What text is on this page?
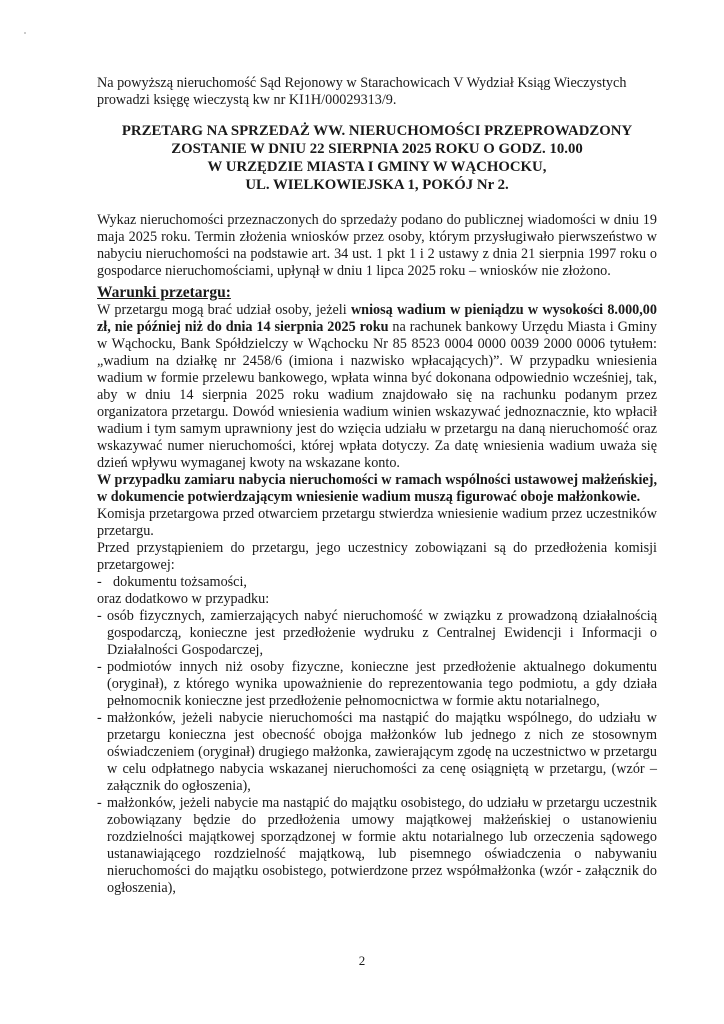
Na powyższą nieruchomość Sąd Rejonowy w Starachowicach V Wydział Ksiąg Wieczystych prowadzi księgę wieczystą kw nr KI1H/00029313/9.

PRZETARG NA SPRZEDAŻ WW. NIERUCHOMOŚCI PRZEPROWADZONY
ZOSTANIE W DNIU 22 SIERPNIA 2025 ROKU O GODZ. 10.00
W URZĘDZIE MIASTA I GMINY W WĄCHOCKU,
UL. WIELKOWIEJSKA 1, POKÓJ Nr 2.

Wykaz nieruchomości przeznaczonych do sprzedaży podano do publicznej wiadomości w dniu 19 maja 2025 roku. Termin złożenia wniosków przez osoby, którym przysługiwało pierwszeństwo w nabyciu nieruchomości na podstawie art. 34 ust. 1 pkt 1 i 2 ustawy z dnia 21 sierpnia 1997 roku o gospodarce nieruchomościami, upłynął w dniu 1 lipca 2025 roku – wniosków nie złożono.

Warunki przetargu:

W przetargu mogą brać udział osoby, jeżeli wniosą wadium w pieniądzu w wysokości 8.000,00 zł, nie później niż do dnia 14 sierpnia 2025 roku na rachunek bankowy Urzędu Miasta i Gminy w Wąchocku, Bank Spółdzielczy w Wąchocku Nr 85 8523 0004 0000 0039 2000 0006 tytułem: „wadium na działkę nr 2458/6 (imiona i nazwisko wpłacających)”. W przypadku wniesienia wadium w formie przelewu bankowego, wpłata winna być dokonana odpowiednio wcześniej, tak, aby w dniu 14 sierpnia 2025 roku wadium znajdowało się na rachunku podanym przez organizatora przetargu. Dowód wniesienia wadium winien wskazywać jednoznacznie, kto wpłacił wadium i tym samym uprawniony jest do wzięcia udziału w przetargu na daną nieruchomość oraz wskazywać numer nieruchomości, której wpłata dotyczy. Za datę wniesienia wadium uważa się dzień wpływu wymaganej kwoty na wskazane konto.

W przypadku zamiaru nabycia nieruchomości w ramach wspólności ustawowej małżeńskiej, w dokumencie potwierdzającym wniesienie wadium muszą figurować oboje małżonkowie.

Komisja przetargowa przed otwarciem przetargu stwierdza wniesienie wadium przez uczestników przetargu.

Przed przystąpieniem do przetargu, jego uczestnicy zobowiązani są do przedłożenia komisji przetargowej:

- dokumentu tożsamości,

oraz dodatkowo w przypadku:

- osób fizycznych, zamierzających nabyć nieruchomość w związku z prowadzoną działalnością gospodarczą, konieczne jest przedłożenie wydruku z Centralnej Ewidencji i Informacji o Działalności Gospodarczej,
- podmiotów innych niż osoby fizyczne, konieczne jest przedłożenie aktualnego dokumentu (oryginał), z którego wynika upoważnienie do reprezentowania tego podmiotu, a gdy działa pełnomocnik konieczne jest przedłożenie pełnomocnictwa w formie aktu notarialnego,
- małżonków, jeżeli nabycie nieruchomości ma nastąpić do majątku wspólnego, do udziału w przetargu konieczna jest obecność obojga małżonków lub jednego z nich ze stosownym oświadczeniem (oryginał) drugiego małżonka, zawierającym zgodę na uczestnictwo w przetargu w celu odpłatnego nabycia wskazanej nieruchomości za cenę osiągniętą w przetargu, (wzór – załącznik do ogłoszenia),
- małżonków, jeżeli nabycie ma nastąpić do majątku osobistego, do udziału w przetargu uczestnik zobowiązany będzie do przedłożenia umowy majątkowej małżeńskiej o ustanowieniu rozdzielności majątkowej sporządzonej w formie aktu notarialnego lub orzeczenia sądowego ustanawiającego rozdzielność majątkową, lub pisemnego oświadczenia o nabywaniu nieruchomości do majątku osobistego, potwierdzone przez współmałżonka (wzór - załącznik do ogłoszenia),
2
